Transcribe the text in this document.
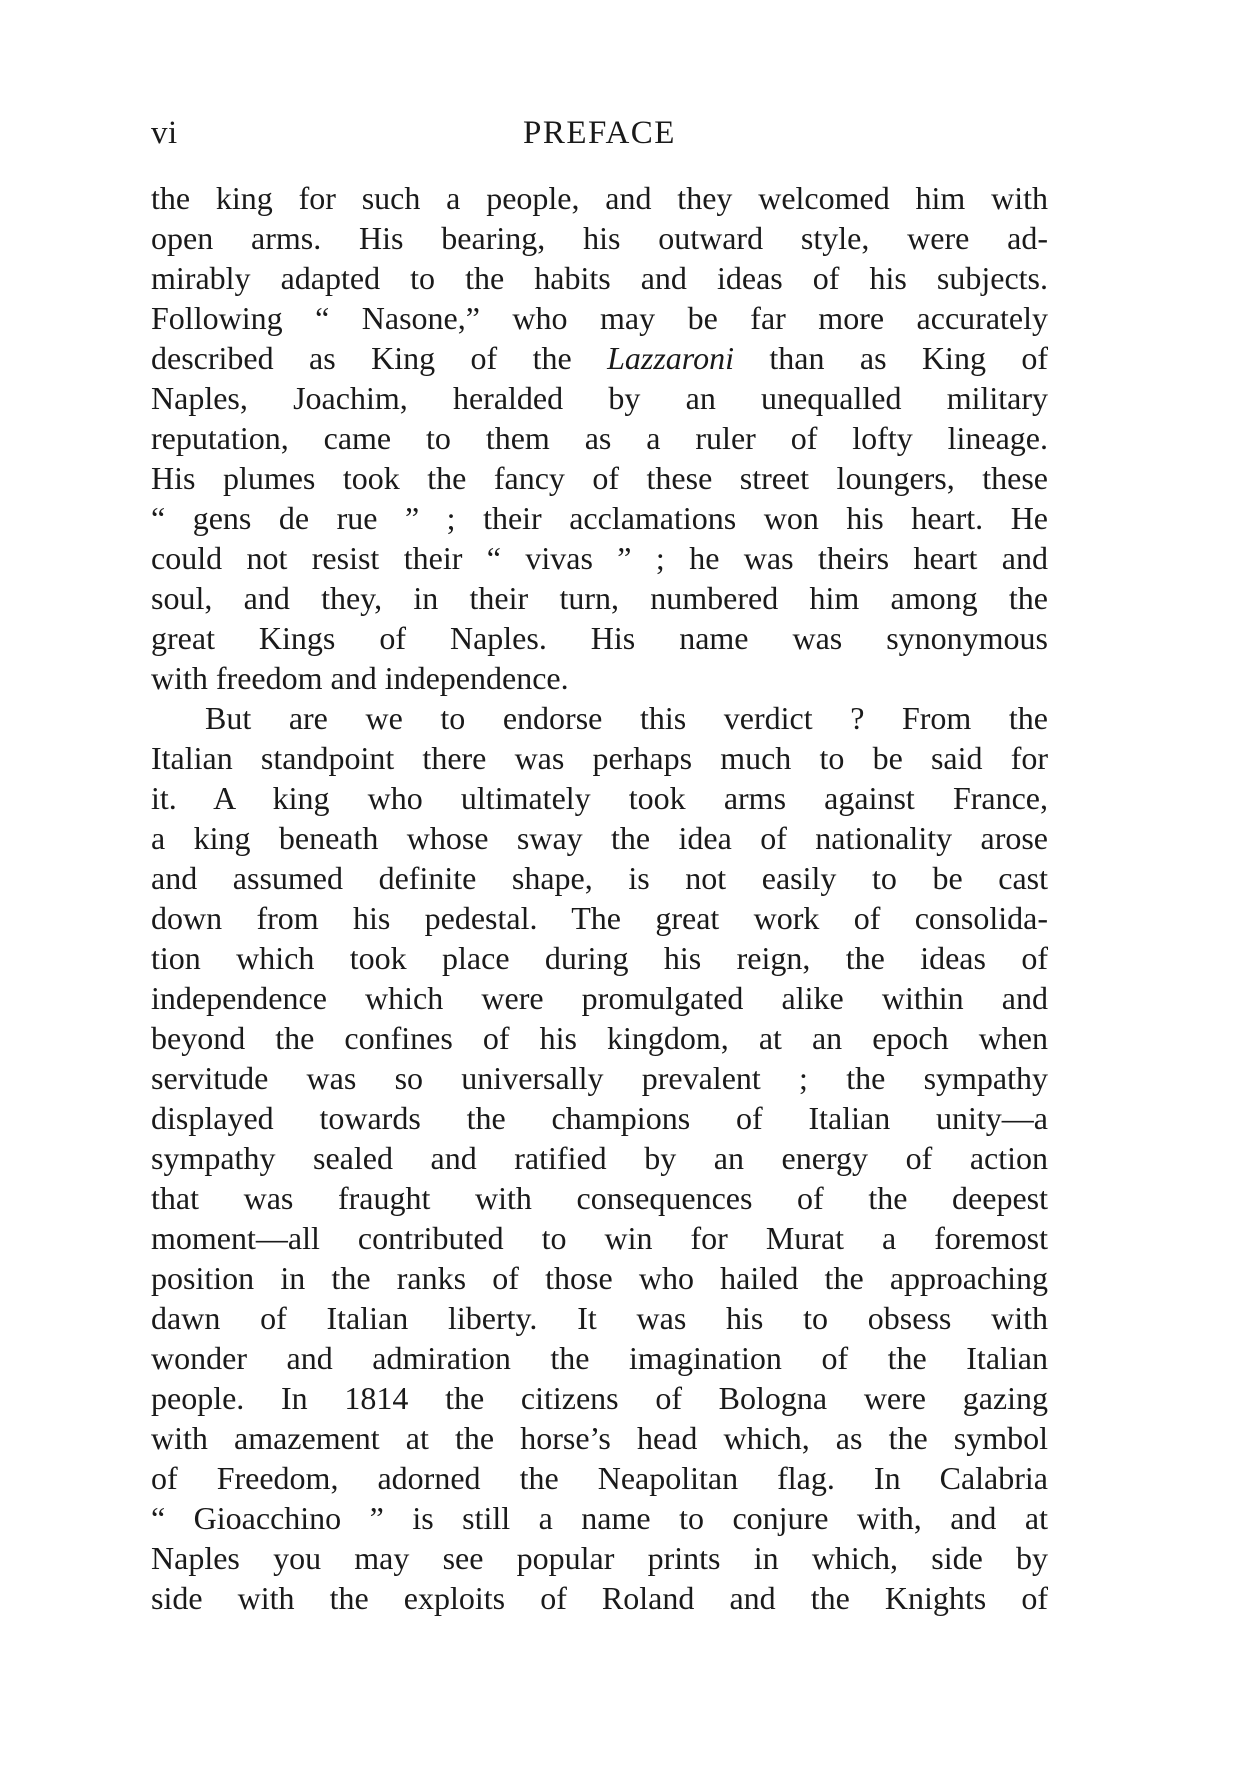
vi	PREFACE
the king for such a people, and they welcomed him with
open arms. His bearing, his outward style, were ad-
mirably adapted to the habits and ideas of his subjects.
Following “ Nasone,” who may be far more accurately
described as King of the Lazzaroni than as King of
Naples, Joachim, heralded by an unequalled military
reputation, came to them as a ruler of lofty lineage.
His plumes took the fancy of these street loungers, these
“ gens de rue ” ; their acclamations won his heart. He
could not resist their “ vivas ” ; he was theirs heart and
soul, and they, in their turn, numbered him among the
great Kings of Naples. His name was synonymous
with freedom and independence.
But are we to endorse this verdict ? From the
Italian standpoint there was perhaps much to be said for
it. A king who ultimately took arms against France,
a king beneath whose sway the idea of nationality arose
and assumed definite shape, is not easily to be cast
down from his pedestal. The great work of consolida-
tion which took place during his reign, the ideas of
independence which were promulgated alike within and
beyond the confines of his kingdom, at an epoch when
servitude was so universally prevalent ; the sympathy
displayed towards the champions of Italian unity—a
sympathy sealed and ratified by an energy of action
that was fraught with consequences of the deepest
moment—all contributed to win for Murat a foremost
position in the ranks of those who hailed the approaching
dawn of Italian liberty. It was his to obsess with
wonder and admiration the imagination of the Italian
people. In 1814 the citizens of Bologna were gazing
with amazement at the horse’s head which, as the symbol
of Freedom, adorned the Neapolitan flag. In Calabria
“ Gioacchino ” is still a name to conjure with, and at
Naples you may see popular prints in which, side by
side with the exploits of Roland and the Knights of
